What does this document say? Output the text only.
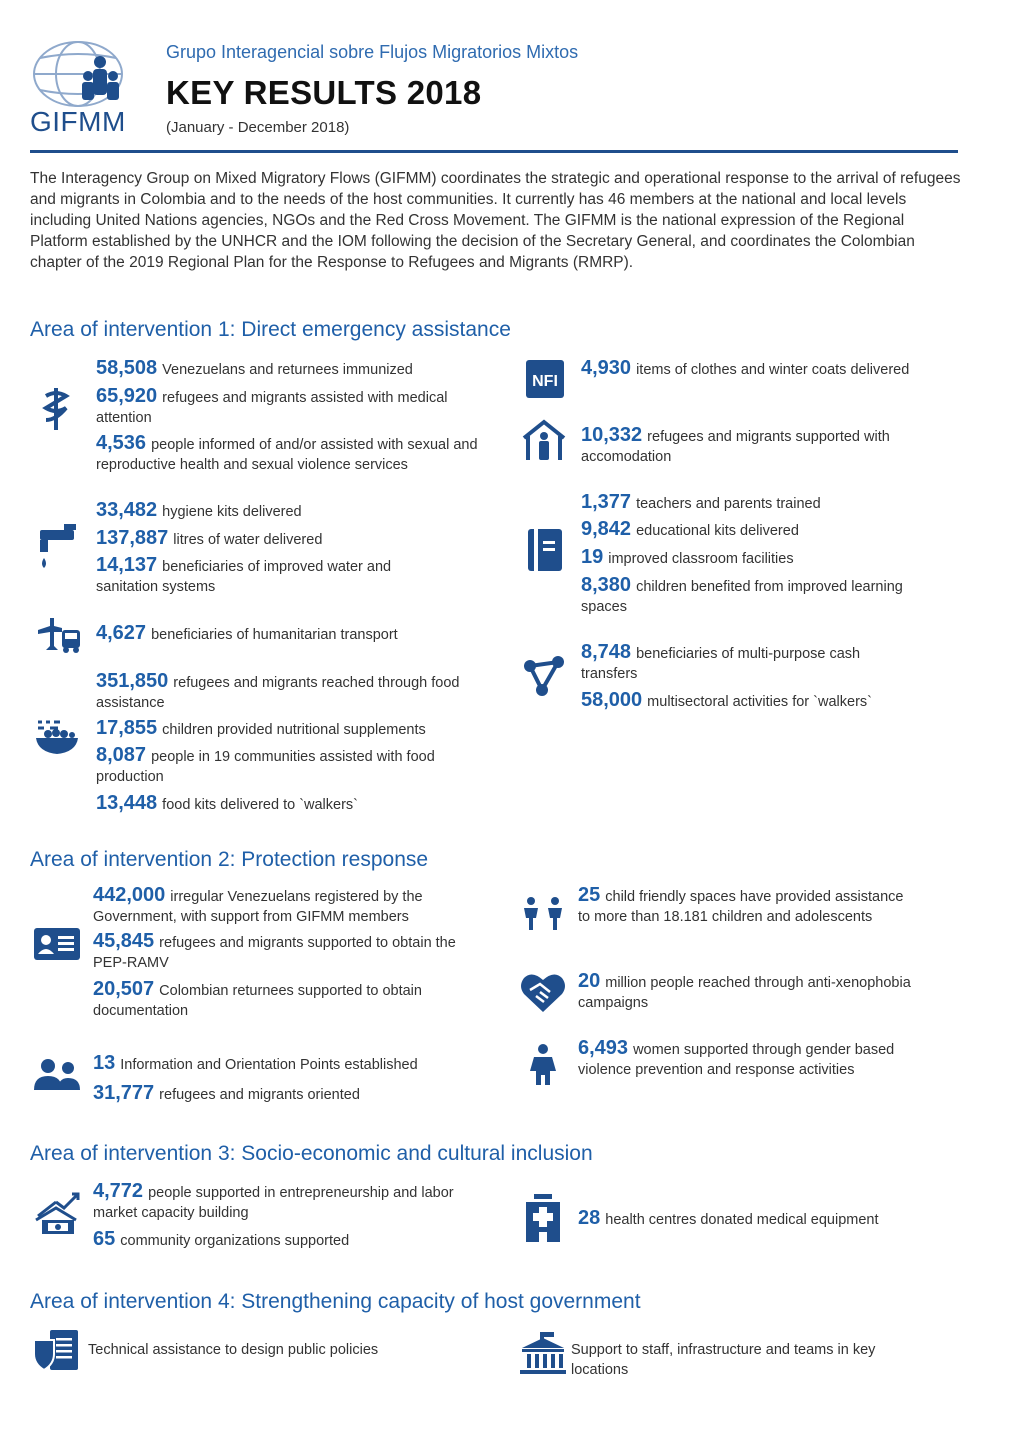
GIFMM
Grupo Interagencial sobre Flujos Migratorios Mixtos
KEY RESULTS 2018
(January - December 2018)
The Interagency Group on Mixed Migratory Flows (GIFMM) coordinates the strategic and operational response to the arrival of refugees and migrants in Colombia and to the needs of the host communities. It currently has 46 members at the national and local levels including United Nations agencies, NGOs and the Red Cross Movement. The GIFMM is the national expression of the Regional Platform established by the UNHCR and the IOM following the decision of the Secretary General, and coordinates the Colombian chapter of the 2019 Regional Plan for the Response to Refugees and Migrants (RMRP).
Area of intervention 1: Direct emergency assistance
58,508 Venezuelans and returnees immunized
65,920 refugees and migrants assisted with medical attention
4,536 people informed of and/or assisted with sexual and reproductive health and sexual violence services
33,482 hygiene kits delivered
137,887 litres of water delivered
14,137 beneficiaries of improved water and sanitation systems
4,627 beneficiaries of humanitarian transport
351,850 refugees and migrants reached through food assistance
17,855 children provided nutritional supplements
8,087 people in 19 communities assisted with food production
13,448 food kits delivered to `walkers`
NFI
4,930 items of clothes and winter coats delivered
10,332 refugees and migrants supported with accomodation
1,377 teachers and parents trained
9,842 educational kits delivered
19 improved classroom facilities
8,380 children benefited from improved learning spaces
8,748 beneficiaries of multi-purpose cash transfers
58,000 multisectoral activities for `walkers`
Area of intervention 2: Protection response
442,000 irregular Venezuelans registered by the Government, with support from GIFMM members
45,845 refugees and migrants supported to obtain the PEP-RAMV
20,507 Colombian returnees supported to obtain documentation
13 Information and Orientation Points established
31,777 refugees and migrants oriented
25 child friendly spaces have provided assistance to more than 18.181 children and adolescents
20 million people reached through anti-xenophobia campaigns
6,493 women supported through gender based violence prevention and response activities
Area of intervention 3: Socio-economic and cultural inclusion
4,772 people supported in entrepreneurship and labor market capacity building
65 community organizations supported
28 health centres donated medical equipment
Area of intervention 4: Strengthening capacity of host government
Technical assistance to design public policies	Support to staff, infrastructure and teams in key locations
